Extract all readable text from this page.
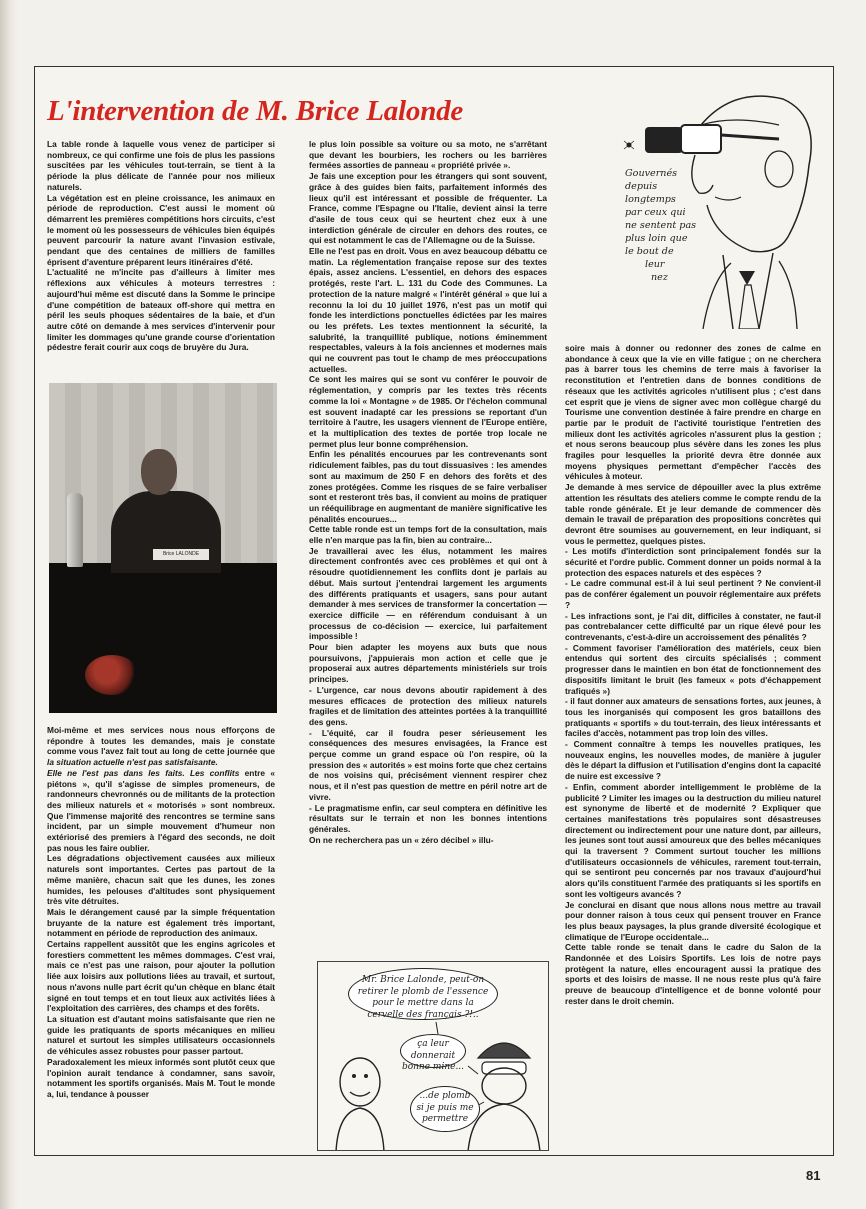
L'intervention de M. Brice Lalonde

La table ronde à laquelle vous venez de participer si nombreux, ce qui confirme une fois de plus les passions suscitées par les véhicules tout-terrain, se tient à la période la plus délicate de l'année pour nos milieux naturels.

La végétation est en pleine croissance, les animaux en période de reproduction. C'est aussi le moment où démarrent les premières compétitions hors circuits, c'est le moment où les possesseurs de véhicules bien équipés peuvent parcourir la nature avant l'invasion estivale, pendant que des centaines de milliers de familles éprisent d'aventure préparent leurs itinéraires d'été.

L'actualité ne m'incite pas d'ailleurs à limiter mes réflexions aux véhicules à moteurs terrestres : aujourd'hui même est discuté dans la Somme le principe d'une compétition de bateaux off-shore qui mettra en péril les seuls phoques sédentaires de la baie, et d'un autre côté on demande à mes services d'intervenir pour limiter les dommages qu'une grande course d'orientation pédestre ferait courir aux coqs de bruyère du Jura.

Brice LALONDE

Moi-même et mes services nous nous efforçons de répondre à toutes les demandes, mais je constate comme vous l'avez fait tout au long de cette journée que la situation actuelle n'est pas satisfaisante.

Elle ne l'est pas dans les faits. Les conflits entre « piétons », qu'il s'agisse de simples promeneurs, de randonneurs chevronnés ou de militants de la protection des milieux naturels et « motorisés » sont nombreux. Que l'immense majorité des rencontres se termine sans incident, par un simple mouvement d'humeur non extériorisé des premiers à l'égard des seconds, ne doit pas nous les faire oublier.

Les dégradations objectivement causées aux milieux naturels sont importantes. Certes pas partout de la même manière, chacun sait que les dunes, les zones humides, les pelouses d'altitudes sont physiquement très vite détruites.

Mais le dérangement causé par la simple fréquentation bruyante de la nature est également très important, notamment en période de reproduction des animaux.

Certains rappellent aussitôt que les engins agricoles et forestiers commettent les mêmes dommages. C'est vrai, mais ce n'est pas une raison, pour ajouter la pollution liée aux loisirs aux pollutions liées au travail, et surtout, nous n'avons nulle part écrit qu'un chèque en blanc était signé en tout temps et en tout lieux aux activités liées à l'exploitation des carrières, des champs et des forêts.

La situation est d'autant moins satisfaisante que rien ne guide les pratiquants de sports mécaniques en milieu naturel et surtout les simples utilisateurs occasionnels de véhicules assez robustes pour passer partout.

Paradoxalement les mieux informés sont plutôt ceux que l'opinion aurait tendance à condamner, sans savoir, notamment les sportifs organisés. Mais M. Tout le monde a, lui, tendance à pousser

le plus loin possible sa voiture ou sa moto, ne s'arrêtant que devant les bourbiers, les rochers ou les barrières fermées assorties de panneau « propriété privée ».

Je fais une exception pour les étrangers qui sont souvent, grâce à des guides bien faits, parfaitement informés des lieux qu'il est intéressant et possible de fréquenter. La France, comme l'Espagne ou l'Italie, devient ainsi la terre d'asile de tous ceux qui se heurtent chez eux à une interdiction générale de circuler en dehors des routes, ce qui est notamment le cas de l'Allemagne ou de la Suisse.

Elle ne l'est pas en droit. Vous en avez beaucoup débattu ce matin. La réglementation française repose sur des textes épais, assez anciens. L'essentiel, en dehors des espaces protégés, reste l'art. L. 131 du Code des Communes. La protection de la nature malgré « l'intérêt général » que lui a reconnu la loi du 10 juillet 1976, n'est pas un motif qui fonde les interdictions ponctuelles édictées par les maires ou les préfets. Les textes mentionnent la sécurité, la salubrité, la tranquillité publique, notions éminemment respectables, valeurs à la fois anciennes et modernes mais qui ne couvrent pas tout le champ de mes préoccupations actuelles.

Ce sont les maires qui se sont vu conférer le pouvoir de réglementation, y compris par les textes très récents comme la loi « Montagne » de 1985. Or l'échelon communal est souvent inadapté car les pressions se reportant d'un territoire à l'autre, les usagers viennent de l'Europe entière, et la multiplication des textes de portée trop locale ne permet plus leur bonne compréhension.

Enfin les pénalités encourues par les contrevenants sont ridiculement faibles, pas du tout dissuasives : les amendes sont au maximum de 250 F en dehors des forêts et des zones protégées. Comme les risques de se faire verbaliser sont et resteront très bas, il convient au moins de pratiquer un rééquilibrage en augmentant de manière significative les pénalités encourues...

Cette table ronde est un temps fort de la consultation, mais elle n'en marque pas la fin, bien au contraire...

Je travaillerai avec les élus, notamment les maires directement confrontés avec ces problèmes et qui ont à résoudre quotidiennement les conflits dont je parlais au début. Mais surtout j'entendrai largement les arguments des différents pratiquants et usagers, sans pour autant demander à mes services de transformer la concertation — exercice difficile — en référendum conduisant à un processus de co-décision — exercice, lui parfaitement impossible !

Pour bien adapter les moyens aux buts que nous poursuivons, j'appuierais mon action et celle que je proposerai aux autres départements ministériels sur trois principes.

- L'urgence, car nous devons aboutir rapidement à des mesures efficaces de protection des milieux naturels fragiles et de limitation des atteintes portées à la tranquillité des gens.

- L'équité, car il foudra peser sérieusement les conséquences des mesures envisagées, la France est perçue comme un grand espace où l'on respire, où la pression des « autorités » est moins forte que chez certains de nos voisins qui, précisément viennent respirer chez nous, et il n'est pas question de mettre en péril notre art de vivre.

- Le pragmatisme enfin, car seul comptera en définitive les résultats sur le terrain et non les bonnes intentions générales.

On ne recherchera pas un « zéro décibel » illu-

Mr. Brice Lalonde, peut-on
retirer le plomb de l'essence
pour le mettre dans la
cervelle des français ?!..
ça leur donnerait
bonne mine...
...de plomb
si je puis me
permettre
Gouvernés
depuis longtemps
par ceux qui
ne sentent pas
plus loin que
le bout de
leur
nez

soire mais à donner ou redonner des zones de calme en abondance à ceux que la vie en ville fatigue ; on ne cherchera pas à barrer tous les chemins de terre mais à favoriser la reconstitution et l'entretien dans de bonnes conditions de réseaux que les activités agricoles n'utilisent plus ; c'est dans cet esprit que je viens de signer avec mon collègue chargé du Tourisme une convention destinée à faire prendre en charge en partie par le produit de l'activité touristique l'entretien des milieux dont les activités agricoles n'assurent plus la gestion ; et nous serons beaucoup plus sévère dans les zones les plus fragiles pour lesquelles la priorité devra être donnée aux moyens physiques permettant d'empêcher l'accès des véhicules à moteur.

Je demande à mes service de dépouiller avec la plus extrême attention les résultats des ateliers comme le compte rendu de la table ronde générale. Et je leur demande de commencer dès demain le travail de préparation des propositions concrètes qui devront être soumises au gouvernement, en leur indiquant, si vous le permettez, quelques pistes.

- Les motifs d'interdiction sont principalement fondés sur la sécurité et l'ordre public. Comment donner un poids normal à la protection des espaces naturels et des espèces ?

- Le cadre communal est-il à lui seul pertinent ? Ne convient-il pas de conférer également un pouvoir réglementaire aux préfets ?

- Les infractions sont, je l'ai dit, difficiles à constater, ne faut-il pas contrebalancer cette difficulté par un rique élevé pour les contrevenants, c'est-à-dire un accroissement des pénalités ?

- Comment favoriser l'amélioration des matériels, ceux bien entendus qui sortent des circuits spécialisés ; comment progresser dans le maintien en bon état de fonctionnement des dispositifs limitant le bruit (les fameux « pots d'échappement trafiqués »)

- il faut donner aux amateurs de sensations fortes, aux jeunes, à tous les inorganisés qui composent les gros bataillons des pratiquants « sportifs » du tout-terrain, des lieux intéressants et faciles d'accès, notamment pas trop loin des villes.

- Comment connaître à temps les nouvelles pratiques, les nouveaux engins, les nouvelles modes, de manière à juguler dès le départ la diffusion et l'utilisation d'engins dont la capacité de nuire est excessive ?

- Enfin, comment aborder intelligemment le problème de la publicité ? Limiter les images ou la destruction du milieu naturel est synonyme de liberté et de modernité ? Expliquer que certaines manifestations très populaires sont désastreuses directement ou indirectement pour une nature dont, par ailleurs, les jeunes sont tout aussi amoureux que des belles mécaniques qui la traversent ? Comment surtout toucher les millions d'utilisateurs occasionnels de véhicules, rarement tout-terrain, qui se sentiront peu concernés par nos travaux d'aujourd'hui alors qu'ils constituent l'armée des pratiquants si les sportifs en sont les voltigeurs avancés ?

Je conclurai en disant que nous allons nous mettre au travail pour donner raison à tous ceux qui pensent trouver en France les plus beaux paysages, la plus grande diversité écologique et climatique de l'Europe occidentale...

Cette table ronde se tenait dans le cadre du Salon de la Randonnée et des Loisirs Sportifs. Les lois de notre pays protègent la nature, elles encouragent aussi la pratique des sports et des loisirs de masse. Il ne nous reste plus qu'à faire preuve de beaucoup d'intelligence et de bonne volonté pour rester dans le droit chemin.

81
